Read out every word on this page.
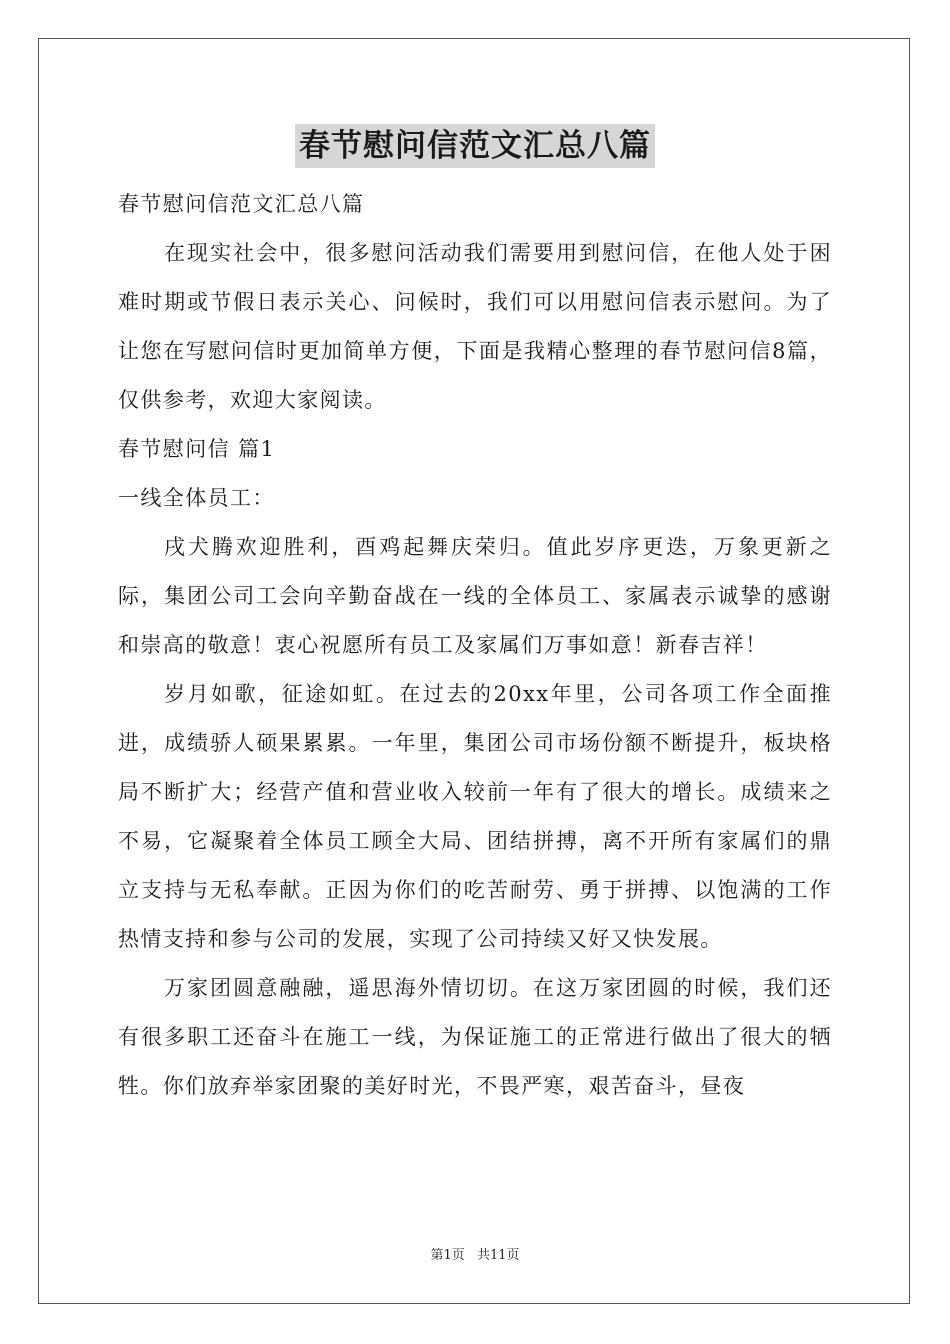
春节慰问信范文汇总八篇

春节慰问信范文汇总八篇

在现实社会中，很多慰问活动我们需要用到慰问信，在他人处于困难时期或节假日表示关心、问候时，我们可以用慰问信表示慰问。为了让您在写慰问信时更加简单方便，下面是我精心整理的春节慰问信8篇，仅供参考，欢迎大家阅读。

春节慰问信 篇1

一线全体员工：

戌犬腾欢迎胜利，酉鸡起舞庆荣归。值此岁序更迭，万象更新之际，集团公司工会向辛勤奋战在一线的全体员工、家属表示诚挚的感谢和崇高的敬意！衷心祝愿所有员工及家属们万事如意！新春吉祥！

岁月如歌，征途如虹。在过去的20xx年里，公司各项工作全面推进，成绩骄人硕果累累。一年里，集团公司市场份额不断提升，板块格局不断扩大；经营产值和营业收入较前一年有了很大的增长。成绩来之不易，它凝聚着全体员工顾全大局、团结拼搏，离不开所有家属们的鼎立支持与无私奉献。正因为你们的吃苦耐劳、勇于拼搏、以饱满的工作热情支持和参与公司的发展，实现了公司持续又好又快发展。

万家团圆意融融，遥思海外情切切。在这万家团圆的时候，我们还有很多职工还奋斗在施工一线，为保证施工的正常进行做出了很大的牺牲。你们放弃举家团聚的美好时光，不畏严寒，艰苦奋斗，昼夜

第1页 共11页
